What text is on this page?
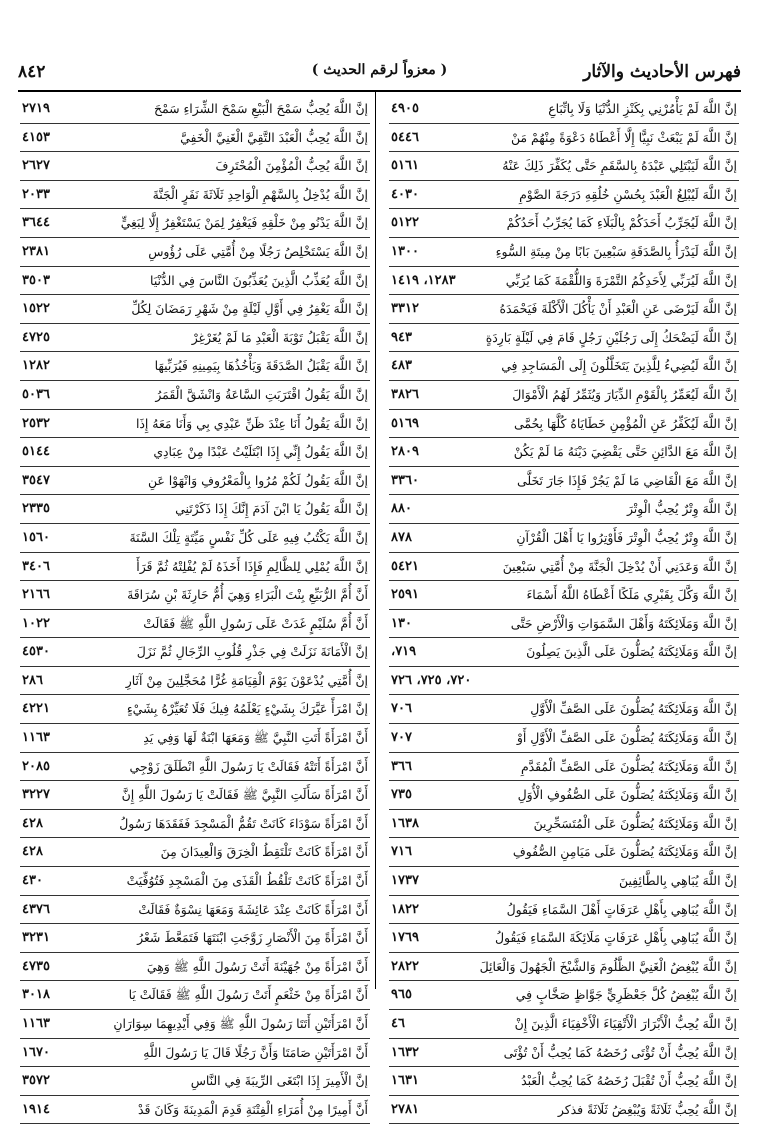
فهرس الأحاديث والآثار
( معزواً لرقم الحديث )
٨٤٢
إنَّ اللَّهَ لَمْ يَأْمُرْنِي بِكَنْزِ الدُّنْيَا وَلَا بِاتِّبَاعِ
٤٩٠٥
إنَّ اللَّهَ لَمْ يَبْعَثْ نَبِيًّا إِلَّا أَعْطَاهُ دَعْوَةً مِنْهُمْ مَنْ
٥٤٤٦
إنَّ اللَّهَ لَيَبْتَلِي عَبْدَهُ بِالسَّقَمِ حَتَّى يُكَفِّرَ ذَلِكَ عَنْهُ
٥١٦١
إنَّ اللَّهَ لَيُبْلِغُ الْعَبْدَ بِحُسْنِ خُلُقِهِ دَرَجَةَ الصَّوْمِ
٤٠٣٠
إنَّ اللَّهَ لَيُجَرِّبُ أَحَدَكُمْ بِالْبَلَاءِ كَمَا يُجَرِّبُ أَحَدُكُمْ
٥١٢٢
إنَّ اللَّهَ لَيَدْرَأُ بِالصَّدَقَةِ سَبْعِينَ بَابًا مِنْ مِيتَةِ السُّوءِ
١٣٠٠
إنَّ اللَّهَ لَيُرَبِّي لِأَحَدِكُمُ التَّمْرَةَ وَاللُّقْمَةَ كَمَا يُرَبِّي
١٢٨٣، ١٤١٩
إنَّ اللَّهَ لَيَرْضَى عَنِ الْعَبْدِ أَنْ يَأْكُلَ الْأَكْلَةَ فَيَحْمَدَهُ
٣٣١٢
إنَّ اللَّهَ لَيَضْحَكُ إِلَى رَجُلَيْنِ رَجُلٍ قَامَ فِي لَيْلَةٍ بَارِدَةٍ
٩٤٣
إنَّ اللَّهَ لَيُضِيءُ لِلَّذِينَ يَتَخَلَّلُونَ إِلَى الْمَسَاجِدِ فِي
٤٨٣
إنَّ اللَّهَ لَيُعَمِّرُ بِالْقَوْمِ الدِّيَارَ وَيُثَمِّرُ لَهُمُ الْأَمْوَالَ
٣٨٢٦
إنَّ اللَّهَ لَيُكَفِّرُ عَنِ الْمُؤْمِنِ خَطَايَاهُ كُلَّهَا بِحُمَّى
٥١٦٩
إنَّ اللَّهَ مَعَ الدَّائِنِ حَتَّى يَقْضِيَ دَيْنَهُ مَا لَمْ يَكُنْ
٢٨٠٩
إنَّ اللَّهَ مَعَ الْقَاضِي مَا لَمْ يَجُرْ فَإِذَا جَارَ تَخَلَّى
٣٣٦٠
إنَّ اللَّهَ وِتْرٌ يُحِبُّ الْوِتْرَ
٨٨٠
إنَّ اللَّهَ وِتْرٌ يُحِبُّ الْوِتْرَ فَأَوْتِرُوا يَا أَهْلَ الْقُرْآنِ
٨٧٨
إنَّ اللَّهَ وَعَدَنِي أَنْ يُدْخِلَ الْجَنَّةَ مِنْ أُمَّتِي سَبْعِينَ
٥٤٢١
إنَّ اللَّهَ وَكَّلَ بِقَبْرِي مَلَكًا أَعْطَاهُ اللَّهُ أَسْمَاءَ
٢٥٩١
إنَّ اللَّهَ وَمَلَائِكَتَهُ وَأَهْلَ السَّمَوَاتِ وَالْأَرْضِ حَتَّى
١٣٠
إنَّ اللَّهَ وَمَلَائِكَتَهُ يُصَلُّونَ عَلَى الَّذِينَ يَصِلُونَ
٧١٩،
٧٢٠، ٧٢٥، ٧٢٦
إنَّ اللَّهَ وَمَلَائِكَتَهُ يُصَلُّونَ عَلَى الصَّفِّ الْأَوَّلِ
٧٠٦
إنَّ اللَّهَ وَمَلَائِكَتَهُ يُصَلُّونَ عَلَى الصَّفِّ الْأَوَّلِ أَوْ
٧٠٧
إنَّ اللَّهَ وَمَلَائِكَتَهُ يُصَلُّونَ عَلَى الصَّفِّ الْمُقَدَّمِ
٣٦٦
إنَّ اللَّهَ وَمَلَائِكَتَهُ يُصَلُّونَ عَلَى الصُّفُوفِ الْأُوَلِ
٧٣٥
إنَّ اللَّهَ وَمَلَائِكَتَهُ يُصَلُّونَ عَلَى الْمُتَسَحِّرِينَ
١٦٣٨
إنَّ اللَّهَ وَمَلَائِكَتَهُ يُصَلُّونَ عَلَى مَيَامِنِ الصُّفُوفِ
٧١٦
إنَّ اللَّهَ يُبَاهِي بِالطَّائِفِينَ
١٧٣٧
إنَّ اللَّهَ يُبَاهِي بِأَهْلِ عَرَفَاتٍ أَهْلَ السَّمَاءِ فَيَقُولُ
١٨٢٢
إنَّ اللَّهَ يُبَاهِي بِأَهْلِ عَرَفَاتٍ مَلَائِكَةَ السَّمَاءِ فَيَقُولُ
١٧٦٩
إنَّ اللَّهَ يُبْغِضُ الْغَنِيَّ الظَّلُومَ وَالشَّيْخَ الْجَهُولَ وَالْعَائِلَ
٢٨٢٢
إنَّ اللَّهَ يُبْغِضُ كُلَّ جَعْظَرِيٍّ جَوَّاظٍ صَخَّابٍ فِي
٩٦٥
إنَّ اللَّهَ يُحِبُّ الْأَبْرَارَ الْأَتْقِيَاءَ الْأَخْفِيَاءَ الَّذِينَ إِنْ
٤٦
إنَّ اللَّهَ يُحِبُّ أَنْ تُؤْتَى رُخَصُهُ كَمَا يُحِبُّ أَنْ تُؤْتَى
١٦٣٢
إنَّ اللَّهَ يُحِبُّ أَنْ تُقْبَلَ رُخَصُهُ كَمَا يُحِبُّ الْعَبْدُ
١٦٣١
إنَّ اللَّهَ يُحِبُّ ثَلَاثَةً وَيُبْغِضُ ثَلَاثَةً فذكر
٢٧٨١
إنَّ اللَّهَ يُحِبُّ سَمْحَ الْبَيْعِ سَمْحَ الشِّرَاءِ سَمْحَ
٢٧١٩
إنَّ اللَّهَ يُحِبُّ الْعَبْدَ التَّقِيَّ الْغَنِيَّ الْخَفِيَّ
٤١٥٣
إنَّ اللَّهَ يُحِبُّ الْمُؤْمِنَ الْمُحْتَرِفَ
٢٦٢٧
إنَّ اللَّهَ يُدْخِلُ بِالسَّهْمِ الْوَاحِدِ ثَلَاثَةَ نَفَرٍ الْجَنَّةَ
٢٠٣٣
إنَّ اللَّهَ يَدْنُو مِنْ خَلْقِهِ فَيَغْفِرُ لِمَنْ يَسْتَغْفِرُ إِلَّا لِبَغِيٍّ
٣٦٤٤
إنَّ اللَّهَ يَسْتَخْلِصُ رَجُلًا مِنْ أُمَّتِي عَلَى رُؤُوسِ
٢٣٨١
إنَّ اللَّهَ يُعَذِّبُ الَّذِينَ يُعَذِّبُونَ النَّاسَ فِي الدُّنْيَا
٣٥٠٣
إنَّ اللَّهَ يَغْفِرُ فِي أَوَّلِ لَيْلَةٍ مِنْ شَهْرِ رَمَضَانَ لِكُلِّ
١٥٢٢
إنَّ اللَّهَ يَقْبَلُ تَوْبَةَ الْعَبْدِ مَا لَمْ يُغَرْغِرْ
٤٧٢٥
إنَّ اللَّهَ يَقْبَلُ الصَّدَقَةَ وَيَأْخُذُهَا بِيَمِينِهِ فَيُرَبِّيهَا
١٢٨٢
إنَّ اللَّهَ يَقُولُ اقْتَرَبَتِ السَّاعَةُ وَانْشَقَّ الْقَمَرُ
٥٠٣٦
إنَّ اللَّهَ يَقُولُ أَنَا عِنْدَ ظَنِّ عَبْدِي بِي وَأَنَا مَعَهُ إِذَا
٢٥٣٢
إنَّ اللَّهَ يَقُولُ إِنِّي إِذَا ابْتَلَيْتُ عَبْدًا مِنْ عِبَادِي
٥١٤٤
إنَّ اللَّهَ يَقُولُ لَكُمْ مُرُوا بِالْمَعْرُوفِ وَانْهَوْا عَنِ
٣٥٤٧
إنَّ اللَّهَ يَقُولُ يَا ابْنَ آدَمَ إِنَّكَ إِذَا ذَكَرْتَنِي
٢٣٣٥
إنَّ اللَّهَ يَكْتُبُ فِيهِ عَلَى كُلِّ نَفْسٍ مَيِّتَةٍ تِلْكَ السَّنَةَ
١٥٦٠
إنَّ اللَّهَ يُمْلِي لِلظَّالِمِ فَإِذَا أَخَذَهُ لَمْ يُفْلِتْهُ ثُمَّ قَرَأَ
٣٤٠٦
أَنَّ أُمَّ الرُّبَيِّعِ بِنْتَ الْبَرَاءِ وَهِيَ أُمُّ حَارِثَةَ بْنِ سُرَاقَةَ
٢١٦٦
أَنَّ أُمَّ سُلَيْمٍ غَدَتْ عَلَى رَسُولِ اللَّهِ ﷺ فَقَالَتْ
١٠٢٢
إنَّ الْأَمَانَةَ نَزَلَتْ فِي جَذْرِ قُلُوبِ الرِّجَالِ ثُمَّ نَزَلَ
٤٥٣٠
إنَّ أُمَّتِي يُدْعَوْنَ يَوْمَ الْقِيَامَةِ غُرًّا مُحَجَّلِينَ مِنْ آثَارِ
٢٨٦
إنَّ امْرَأً عَيَّرَكَ بِشَيْءٍ يَعْلَمُهُ فِيكَ فَلَا تُعَيِّرْهُ بِشَيْءٍ
٤٢٢١
أَنَّ امْرَأَةً أَتَتِ النَّبِيَّ ﷺ وَمَعَهَا ابْنَةٌ لَهَا وَفِي يَدِ
١١٦٣
أَنَّ امْرَأَةً أَتَتْهُ فَقَالَتْ يَا رَسُولَ اللَّهِ انْطَلَقَ زَوْجِي
٢٠٨٥
أَنَّ امْرَأَةً سَأَلَتِ النَّبِيَّ ﷺ فَقَالَتْ يَا رَسُولَ اللَّهِ إِنَّ
٣٢٢٧
أَنَّ امْرَأَةً سَوْدَاءَ كَانَتْ تَقُمُّ الْمَسْجِدَ فَفَقَدَهَا رَسُولُ
٤٢٨
أَنَّ امْرَأَةً كَانَتْ تَلْتَقِطُ الْخِرَقَ وَالْعِيدَانَ مِنَ
٤٢٨
أَنَّ امْرَأَةً كَانَتْ تَلْقُطُ الْقَذَى مِنَ الْمَسْجِدِ فَتُوُفِّيَتْ
٤٣٠
أَنَّ امْرَأَةً كَانَتْ عِنْدَ عَائِشَةَ وَمَعَهَا نِسْوَةٌ فَقَالَتْ
٤٣٧٦
أَنَّ امْرَأَةً مِنَ الْأَنْصَارِ زَوَّجَتِ ابْنَتَهَا فَتَمَعَّطَ شَعْرُ
٣٢٣١
أَنَّ امْرَأَةً مِنْ جُهَيْنَةَ أَتَتْ رَسُولَ اللَّهِ ﷺ وَهِيَ
٤٧٣٥
أَنَّ امْرَأَةً مِنْ خَثْعَمٍ أَتَتْ رَسُولَ اللَّهِ ﷺ فَقَالَتْ يَا
٣٠١٨
أَنَّ امْرَأَتَيْنِ أَتَتَا رَسُولَ اللَّهِ ﷺ وَفِي أَيْدِيهِمَا سِوَارَانِ
١١٦٣
أَنَّ امْرَأَتَيْنِ صَامَتَا وَأَنَّ رَجُلًا قَالَ يَا رَسُولَ اللَّهِ
١٦٧٠
إنَّ الْأَمِيرَ إِذَا ابْتَغَى الرِّيبَةَ فِي النَّاسِ
٣٥٧٢
أَنَّ أَمِيرًا مِنْ أُمَرَاءِ الْفِتْنَةِ قَدِمَ الْمَدِينَةَ وَكَانَ قَدْ
١٩١٤
